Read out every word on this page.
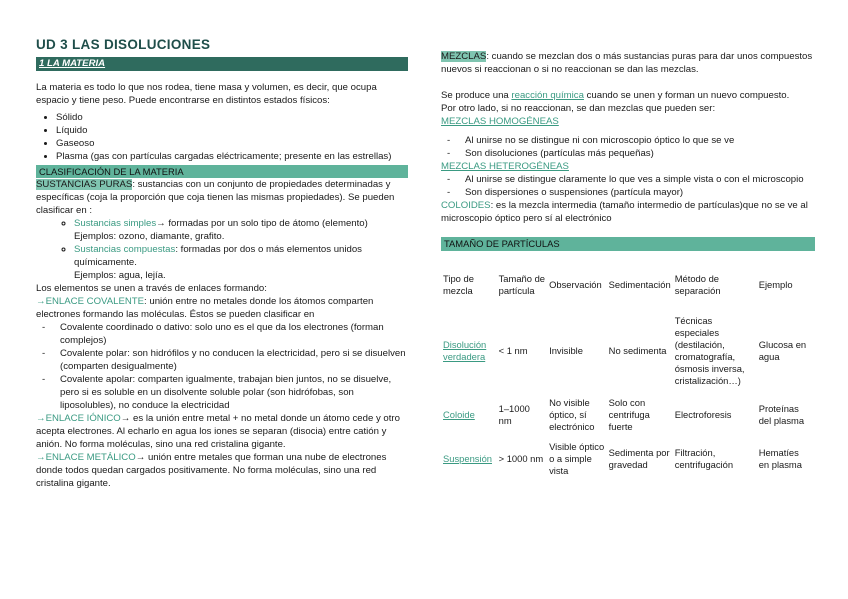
UD 3 LAS DISOLUCIONES
1 LA MATERIA

La materia es todo lo que nos rodea, tiene masa y volumen, es decir, que ocupa espacio y tiene peso. Puede encontrarse en distintos estados físicos:

• Sólido
• Líquido
• Gaseoso
• Plasma (gas con partículas cargadas eléctricamente; presente en las estrellas)
CLASIFICACIÓN DE LA MATERIA

SUSTANCIAS PURAS: sustancias con un conjunto de propiedades determinadas y específicas (coja la proporción que coja tienen las mismas propiedades). Se pueden clasificar en :

◦ Sustancias simples→ formadas por un solo tipo de átomo (elemento)

Ejemplos: ozono, diamante, grafito.

◦ Sustancias compuestas: formadas por dos o más elementos unidos químicamente.

Ejemplos: agua, lejía.

Los elementos se unen a través de enlaces formando:

→ENLACE COVALENTE: unión entre no metales donde los átomos comparten electrones formando las moléculas. Éstos se pueden clasificar en

- Covalente coordinado o dativo: solo uno es el que da los electrones (forman complejos)
- Covalente polar: son hidrófilos y no conducen la electricidad, pero si se disuelven (comparten desigualmente)
- Covalente apolar: comparten igualmente, trabajan bien juntos, no se disuelve, pero si es soluble en un disolvente soluble polar (son hidrófobas, son liposolubles), no conduce la electricidad

→ENLACE IÓNICO→ es la unión entre metal + no metal donde un átomo cede y otro acepta electrones. Al echarlo en agua los iones se separan (disocia) entre catión y anión. No forma moléculas, sino una red cristalina gigante.

→ENLACE METÁLICO→ unión entre metales que forman una nube de electrones donde todos quedan cargados positivamente. No forma moléculas, sino una red cristalina gigante.

MEZCLAS: cuando se mezclan dos o más sustancias puras para dar unos compuestos nuevos si reaccionan o si no reaccionan se dan las mezclas.

Se produce una reacción química cuando se unen y forman un nuevo compuesto.

Por otro lado, si no reaccionan, se dan mezclas que pueden ser:

MEZCLAS HOMOGÉNEAS

- Al unirse no se distingue ni con microscopio óptico lo que se ve
- Son disoluciones (partículas más pequeñas)

MEZCLAS HETEROGÉNEAS

- Al unirse se distingue claramente lo que ves a simple vista o con el microscopio
- Son dispersiones o suspensiones (partícula mayor)

COLOIDES: es la mezcla intermedia (tamaño intermedio de partículas)que no se ve al microscopio óptico pero sí al electrónico

TAMAÑO DE PARTÍCULAS
Tipo de mezcla	Tamaño de partícula	Observación	Sedimentación	Método de separación	Ejemplo
Disolución verdadera	< 1 nm	Invisible	No sedimenta	Técnicas especiales (destilación, cromatografía, ósmosis inversa, cristalización…)	Glucosa en agua
Coloide	1–1000 nm	No visible óptico, sí electrónico	Solo con centrifuga fuerte	Electroforesis	Proteínas del plasma
Suspensión	> 1000 nm	Visible óptico o a simple vista	Sedimenta por gravedad	Filtración, centrifugación	Hematíes en plasma
